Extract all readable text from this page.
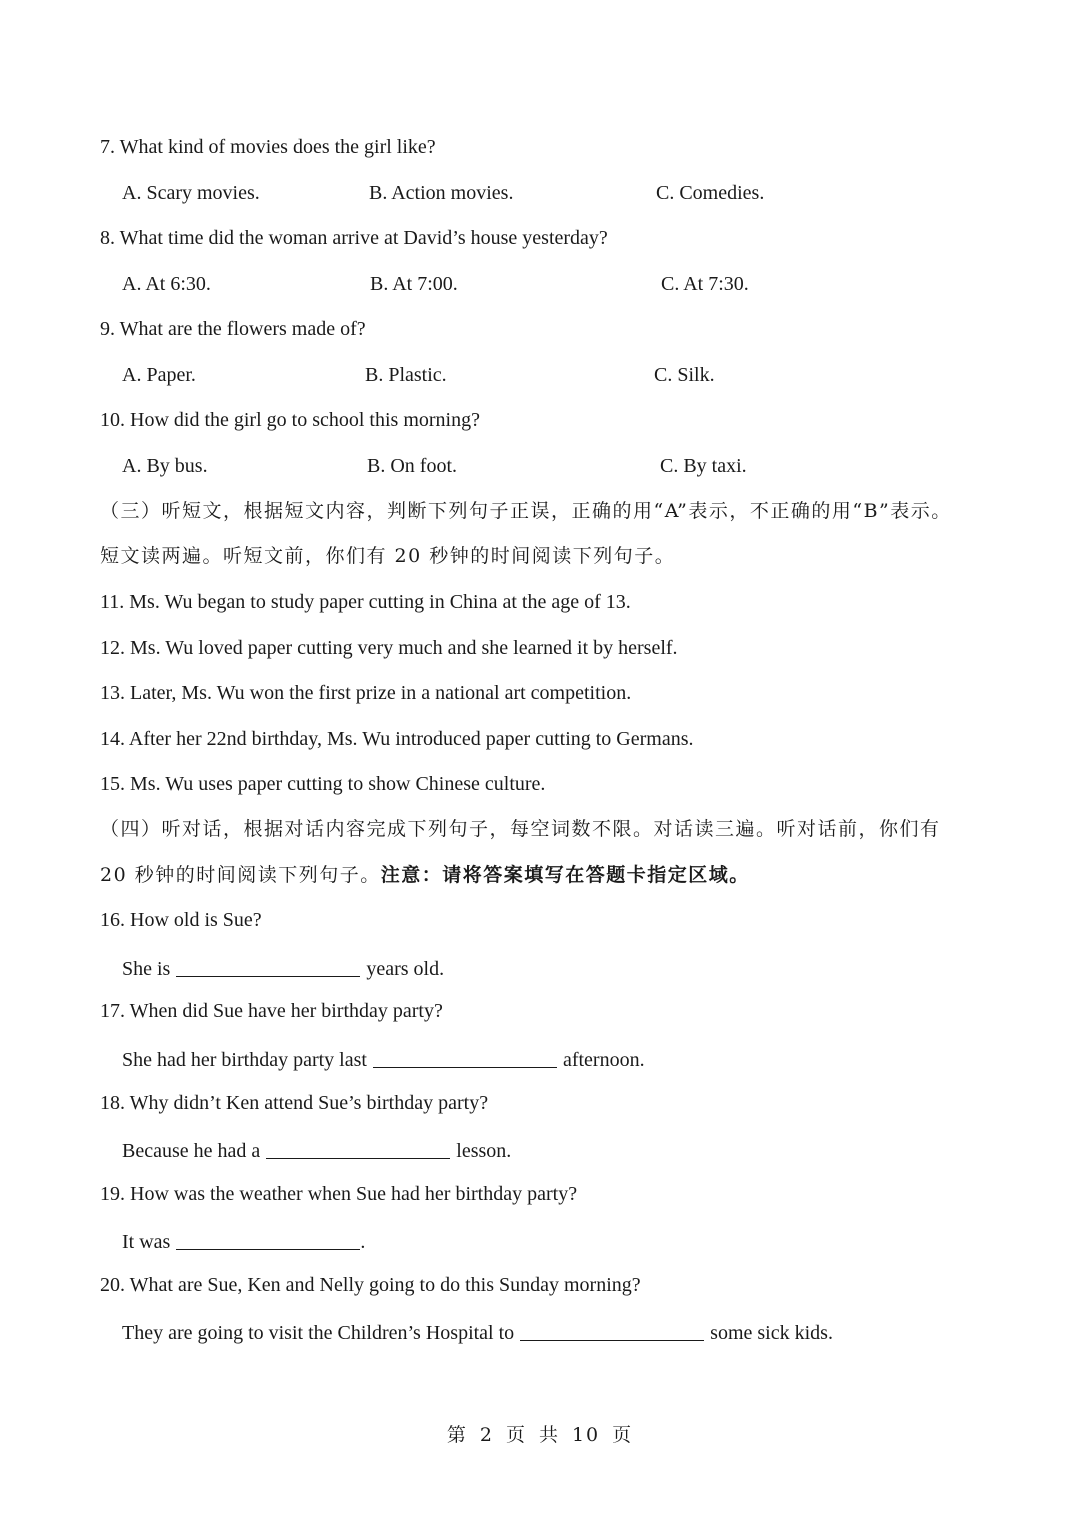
7. What kind of movies does the girl like?
A. Scary movies.	B. Action movies.	C. Comedies.
8. What time did the woman arrive at David’s house yesterday?
A. At 6:30.	B. At 7:00.	C. At 7:30.
9. What are the flowers made of?
A. Paper.	B. Plastic.	C. Silk.
10. How did the girl go to school this morning?
A. By bus.	B. On foot.	C. By taxi.
（三）听短文，根据短文内容，判断下列句子正误，正确的用“A”表示，不正确的用“B”表示。
短文读两遍。听短文前，你们有 20 秒钟的时间阅读下列句子。
11. Ms. Wu began to study paper cutting in China at the age of 13.
12. Ms. Wu loved paper cutting very much and she learned it by herself.
13. Later, Ms. Wu won the first prize in a national art competition.
14. After her 22nd birthday, Ms. Wu introduced paper cutting to Germans.
15. Ms. Wu uses paper cutting to show Chinese culture.
（四）听对话，根据对话内容完成下列句子，每空词数不限。对话读三遍。听对话前，你们有
20 秒钟的时间阅读下列句子。注意：请将答案填写在答题卡指定区域。
16. How old is Sue?
She is	years old.
17. When did Sue have her birthday party?
She had her birthday party last	afternoon.
18. Why didn’t Ken attend Sue’s birthday party?
Because he had a	lesson.
19. How was the weather when Sue had her birthday party?
It was	.
20. What are Sue, Ken and Nelly going to do this Sunday morning?
They are going to visit the Children’s Hospital to	some sick kids.
第 2 页 共 10 页
